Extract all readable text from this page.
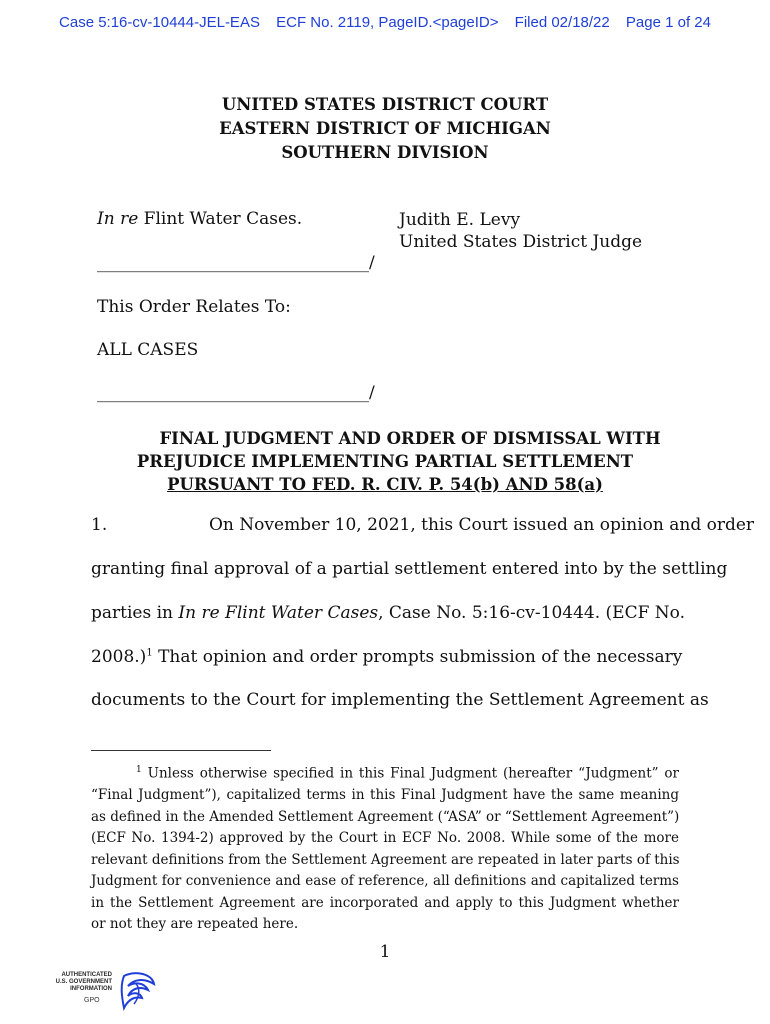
Case 5:16-cv-10444-JEL-EAS ECF No. 2119, PageID.<pageID> Filed 02/18/22 Page 1 of 24
UNITED STATES DISTRICT COURT
EASTERN DISTRICT OF MICHIGAN
SOUTHERN DIVISION
In re Flint Water Cases.	Judith E. Levy
United States District Judge
________________________________/
This Order Relates To:
ALL CASES
________________________________/
FINAL JUDGMENT AND ORDER OF DISMISSAL WITH
PREJUDICE IMPLEMENTING PARTIAL SETTLEMENT
PURSUANT TO FED. R. CIV. P. 54(b) AND 58(a)
1.	On November 10, 2021, this Court issued an opinion and order
granting final approval of a partial settlement entered into by the settling
parties in In re Flint Water Cases, Case No. 5:16-cv-10444. (ECF No.
2008.)$^1$ That opinion and order prompts submission of the necessary
documents to the Court for implementing the Settlement Agreement as
$^1$ Unless otherwise specified in this Final Judgment (hereafter “Judgment” or
“Final Judgment”), capitalized terms in this Final Judgment have the same meaning
as defined in the Amended Settlement Agreement (“ASA” or “Settlement Agreement”)
(ECF No. 1394-2) approved by the Court in ECF No. 2008. While some of the more
relevant definitions from the Settlement Agreement are repeated in later parts of this
Judgment for convenience and ease of reference, all definitions and capitalized terms
in the Settlement Agreement are incorporated and apply to this Judgment whether
or not they are repeated here.
1
AUTHENTICATED
U.S. GOVERNMENT
INFORMATION
GPO
